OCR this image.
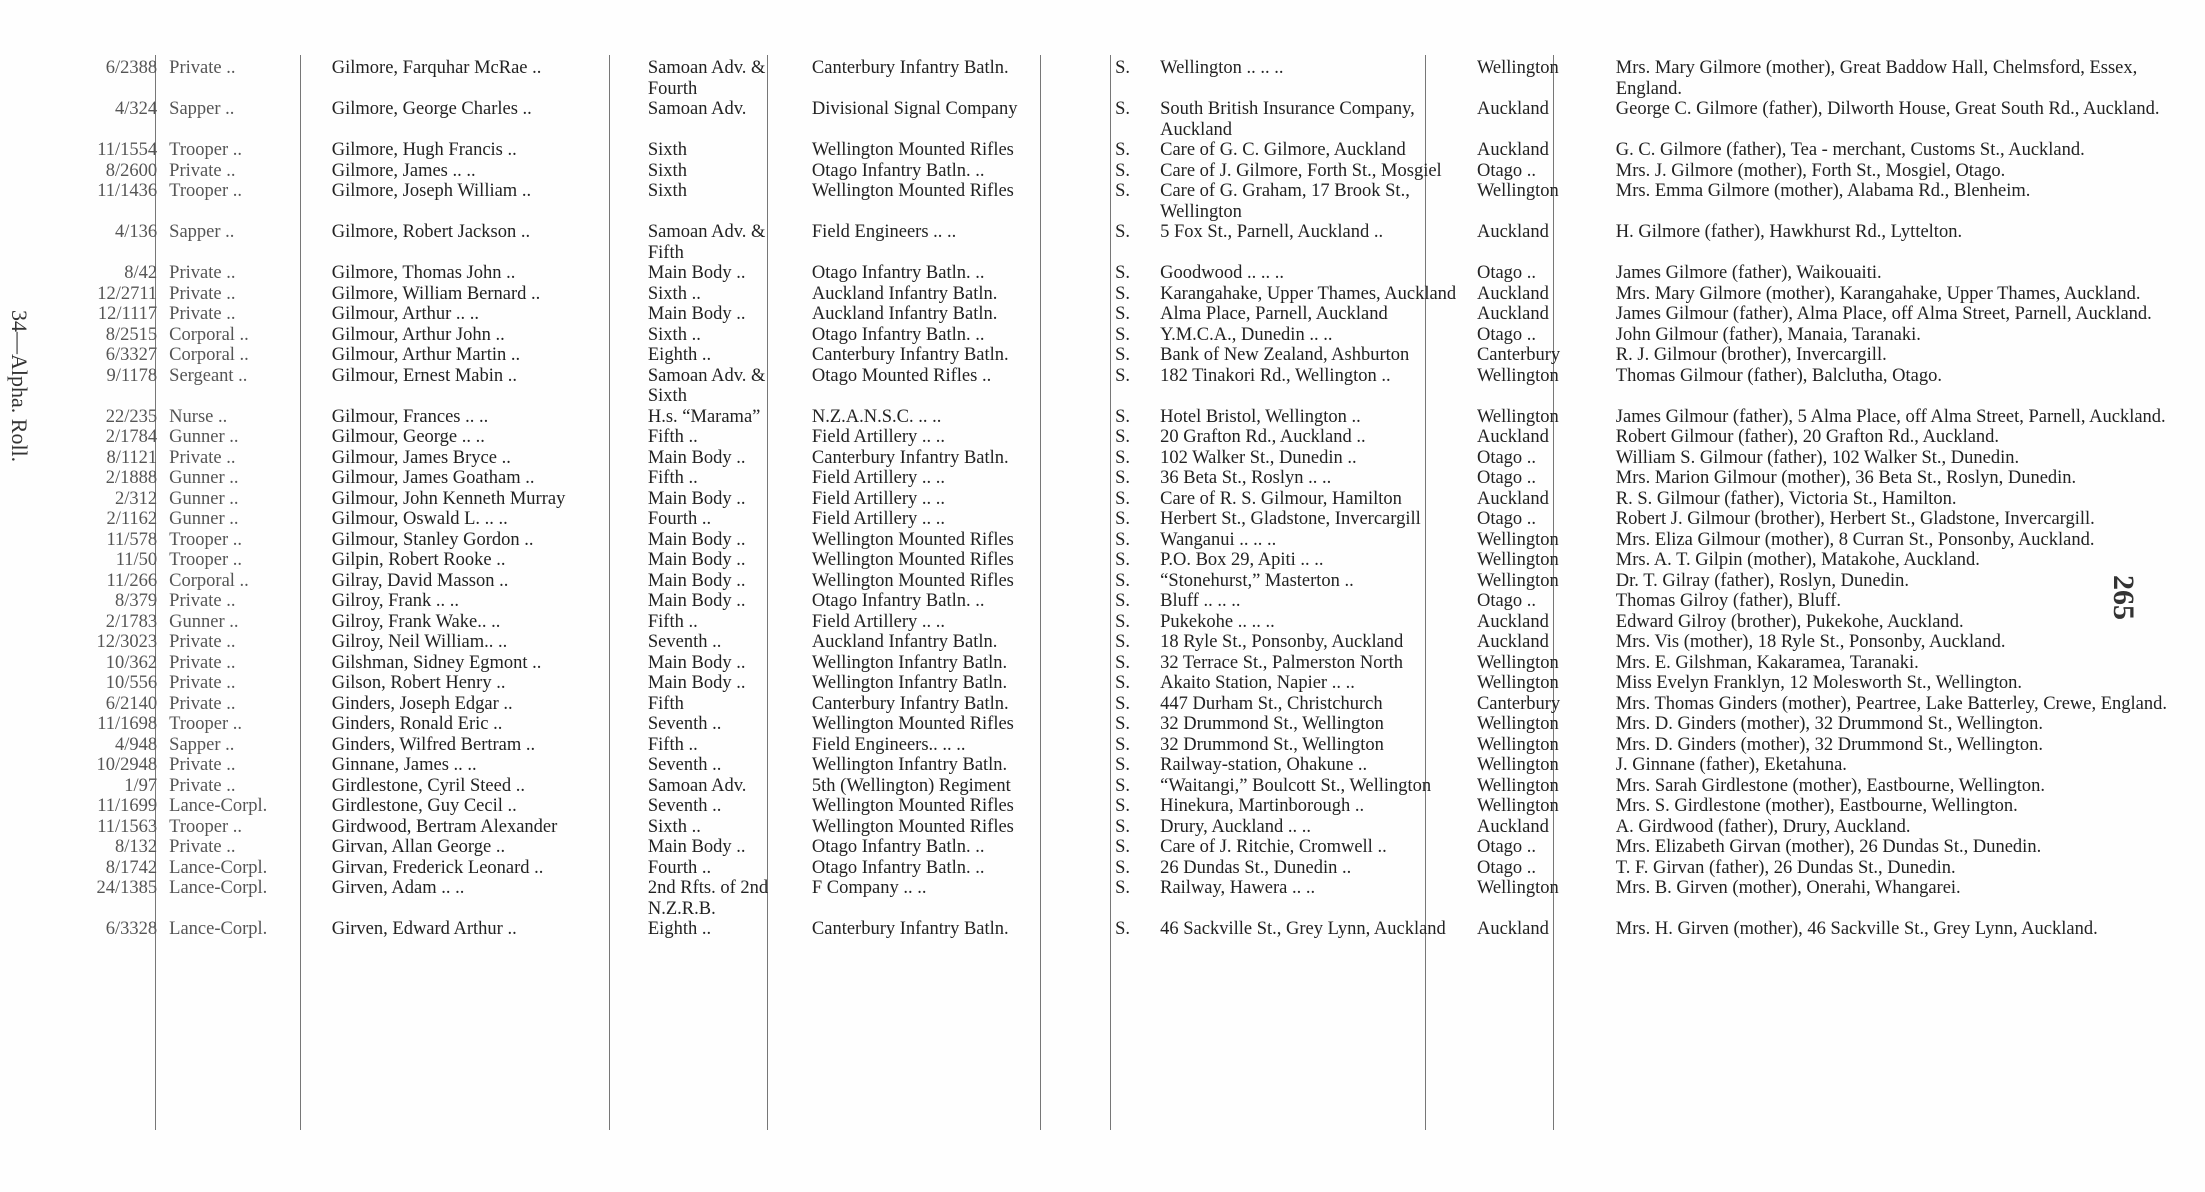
34—Alpha. Roll.
265
6/2388	Private ..	Gilmore, Farquhar McRae ..	Samoan Adv. & Fourth	Canterbury Infantry Batln.	S.	Wellington .. .. ..	Wellington	Mrs. Mary Gilmore (mother), Great Baddow Hall, Chelmsford, Essex, England.
4/324	Sapper ..	Gilmore, George Charles ..	Samoan Adv.	Divisional Signal Company	S.	South British Insurance Company, Auckland	Auckland	George C. Gilmore (father), Dilworth House, Great South Rd., Auckland.
11/1554	Trooper ..	Gilmore, Hugh Francis ..	Sixth	Wellington Mounted Rifles	S.	Care of G. C. Gilmore, Auckland	Auckland	G. C. Gilmore (father), Tea - merchant, Customs St., Auckland.
8/2600	Private ..	Gilmore, James .. ..	Sixth	Otago Infantry Batln. ..	S.	Care of J. Gilmore, Forth St., Mosgiel	Otago ..	Mrs. J. Gilmore (mother), Forth St., Mosgiel, Otago.
11/1436	Trooper ..	Gilmore, Joseph William ..	Sixth	Wellington Mounted Rifles	S.	Care of G. Graham, 17 Brook St., Wellington	Wellington	Mrs. Emma Gilmore (mother), Alabama Rd., Blenheim.
4/136	Sapper ..	Gilmore, Robert Jackson ..	Samoan Adv. & Fifth	Field Engineers .. ..	S.	5 Fox St., Parnell, Auckland ..	Auckland	H. Gilmore (father), Hawkhurst Rd., Lyttelton.
8/42	Private ..	Gilmore, Thomas John ..	Main Body ..	Otago Infantry Batln. ..	S.	Goodwood .. .. ..	Otago ..	James Gilmore (father), Waikouaiti.
12/2711	Private ..	Gilmore, William Bernard ..	Sixth ..	Auckland Infantry Batln.	S.	Karangahake, Upper Thames, Auckland	Auckland	Mrs. Mary Gilmore (mother), Karangahake, Upper Thames, Auckland.
12/1117	Private ..	Gilmour, Arthur .. ..	Main Body ..	Auckland Infantry Batln.	S.	Alma Place, Parnell, Auckland	Auckland	James Gilmour (father), Alma Place, off Alma Street, Parnell, Auckland.
8/2515	Corporal ..	Gilmour, Arthur John ..	Sixth ..	Otago Infantry Batln. ..	S.	Y.M.C.A., Dunedin .. ..	Otago ..	John Gilmour (father), Manaia, Taranaki.
6/3327	Corporal ..	Gilmour, Arthur Martin ..	Eighth ..	Canterbury Infantry Batln.	S.	Bank of New Zealand, Ashburton	Canterbury	R. J. Gilmour (brother), Invercargill.
9/1178	Sergeant ..	Gilmour, Ernest Mabin ..	Samoan Adv. & Sixth	Otago Mounted Rifles ..	S.	182 Tinakori Rd., Wellington ..	Wellington	Thomas Gilmour (father), Balclutha, Otago.
22/235	Nurse ..	Gilmour, Frances .. ..	H.s. “Marama”	N.Z.A.N.S.C. .. ..	S.	Hotel Bristol, Wellington ..	Wellington	James Gilmour (father), 5 Alma Place, off Alma Street, Parnell, Auckland.
2/1784	Gunner ..	Gilmour, George .. ..	Fifth ..	Field Artillery .. ..	S.	20 Grafton Rd., Auckland ..	Auckland	Robert Gilmour (father), 20 Grafton Rd., Auckland.
8/1121	Private ..	Gilmour, James Bryce ..	Main Body ..	Canterbury Infantry Batln.	S.	102 Walker St., Dunedin ..	Otago ..	William S. Gilmour (father), 102 Walker St., Dunedin.
2/1888	Gunner ..	Gilmour, James Goatham ..	Fifth ..	Field Artillery .. ..	S.	36 Beta St., Roslyn .. ..	Otago ..	Mrs. Marion Gilmour (mother), 36 Beta St., Roslyn, Dunedin.
2/312	Gunner ..	Gilmour, John Kenneth Murray	Main Body ..	Field Artillery .. ..	S.	Care of R. S. Gilmour, Hamilton	Auckland	R. S. Gilmour (father), Victoria St., Hamilton.
2/1162	Gunner ..	Gilmour, Oswald L. .. ..	Fourth ..	Field Artillery .. ..	S.	Herbert St., Gladstone, Invercargill	Otago ..	Robert J. Gilmour (brother), Herbert St., Gladstone, Invercargill.
11/578	Trooper ..	Gilmour, Stanley Gordon ..	Main Body ..	Wellington Mounted Rifles	S.	Wanganui .. .. ..	Wellington	Mrs. Eliza Gilmour (mother), 8 Curran St., Ponsonby, Auckland.
11/50	Trooper ..	Gilpin, Robert Rooke ..	Main Body ..	Wellington Mounted Rifles	S.	P.O. Box 29, Apiti .. ..	Wellington	Mrs. A. T. Gilpin (mother), Matakohe, Auckland.
11/266	Corporal ..	Gilray, David Masson ..	Main Body ..	Wellington Mounted Rifles	S.	“Stonehurst,” Masterton ..	Wellington	Dr. T. Gilray (father), Roslyn, Dunedin.
8/379	Private ..	Gilroy, Frank .. ..	Main Body ..	Otago Infantry Batln. ..	S.	Bluff .. .. ..	Otago ..	Thomas Gilroy (father), Bluff.
2/1783	Gunner ..	Gilroy, Frank Wake.. ..	Fifth ..	Field Artillery .. ..	S.	Pukekohe .. .. ..	Auckland	Edward Gilroy (brother), Pukekohe, Auckland.
12/3023	Private ..	Gilroy, Neil William.. ..	Seventh ..	Auckland Infantry Batln.	S.	18 Ryle St., Ponsonby, Auckland	Auckland	Mrs. Vis (mother), 18 Ryle St., Ponsonby, Auckland.
10/362	Private ..	Gilshman, Sidney Egmont ..	Main Body ..	Wellington Infantry Batln.	S.	32 Terrace St., Palmerston North	Wellington	Mrs. E. Gilshman, Kakaramea, Taranaki.
10/556	Private ..	Gilson, Robert Henry ..	Main Body ..	Wellington Infantry Batln.	S.	Akaito Station, Napier .. ..	Wellington	Miss Evelyn Franklyn, 12 Molesworth St., Wellington.
6/2140	Private ..	Ginders, Joseph Edgar ..	Fifth	Canterbury Infantry Batln.	S.	447 Durham St., Christchurch	Canterbury	Mrs. Thomas Ginders (mother), Peartree, Lake Batterley, Crewe, England.
11/1698	Trooper ..	Ginders, Ronald Eric ..	Seventh ..	Wellington Mounted Rifles	S.	32 Drummond St., Wellington	Wellington	Mrs. D. Ginders (mother), 32 Drummond St., Wellington.
4/948	Sapper ..	Ginders, Wilfred Bertram ..	Fifth ..	Field Engineers.. .. ..	S.	32 Drummond St., Wellington	Wellington	Mrs. D. Ginders (mother), 32 Drummond St., Wellington.
10/2948	Private ..	Ginnane, James .. ..	Seventh ..	Wellington Infantry Batln.	S.	Railway-station, Ohakune ..	Wellington	J. Ginnane (father), Eketahuna.
1/97	Private ..	Girdlestone, Cyril Steed ..	Samoan Adv.	5th (Wellington) Regiment	S.	“Waitangi,” Boulcott St., Wellington	Wellington	Mrs. Sarah Girdlestone (mother), Eastbourne, Wellington.
11/1699	Lance-Corpl.	Girdlestone, Guy Cecil ..	Seventh ..	Wellington Mounted Rifles	S.	Hinekura, Martinborough ..	Wellington	Mrs. S. Girdlestone (mother), Eastbourne, Wellington.
11/1563	Trooper ..	Girdwood, Bertram Alexander	Sixth ..	Wellington Mounted Rifles	S.	Drury, Auckland .. ..	Auckland	A. Girdwood (father), Drury, Auckland.
8/132	Private ..	Girvan, Allan George ..	Main Body ..	Otago Infantry Batln. ..	S.	Care of J. Ritchie, Cromwell ..	Otago ..	Mrs. Elizabeth Girvan (mother), 26 Dundas St., Dunedin.
8/1742	Lance-Corpl.	Girvan, Frederick Leonard ..	Fourth ..	Otago Infantry Batln. ..	S.	26 Dundas St., Dunedin ..	Otago ..	T. F. Girvan (father), 26 Dundas St., Dunedin.
24/1385	Lance-Corpl.	Girven, Adam .. ..	2nd Rfts. of 2nd N.Z.R.B.	F Company .. ..	S.	Railway, Hawera .. ..	Wellington	Mrs. B. Girven (mother), Onerahi, Whangarei.
6/3328	Lance-Corpl.	Girven, Edward Arthur ..	Eighth ..	Canterbury Infantry Batln.	S.	46 Sackville St., Grey Lynn, Auckland	Auckland	Mrs. H. Girven (mother), 46 Sackville St., Grey Lynn, Auckland.
